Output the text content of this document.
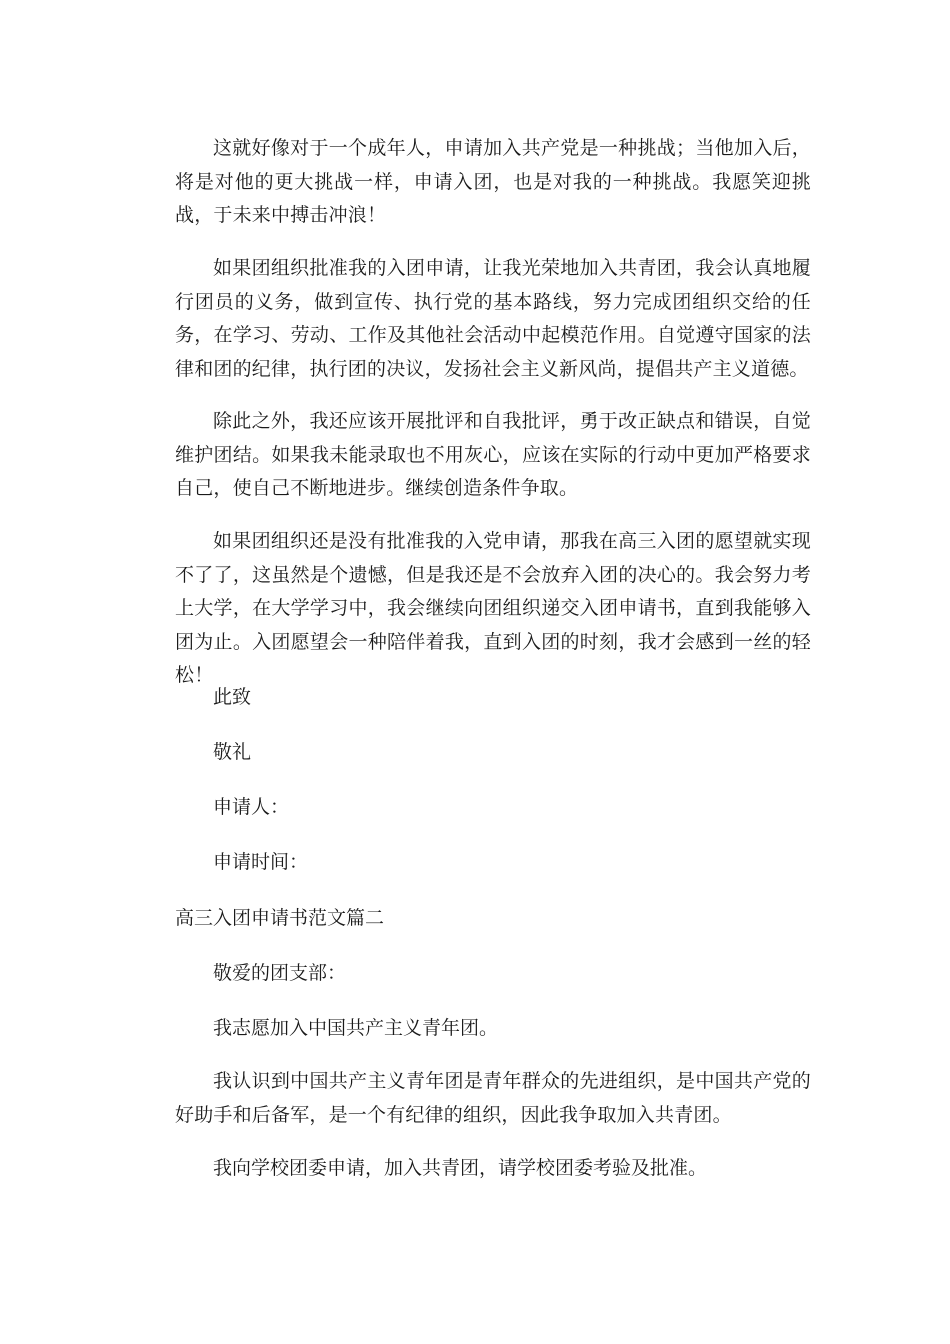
这就好像对于一个成年人，申请加入共产党是一种挑战；当他加入后，将是对他的更大挑战一样，申请入团，也是对我的一种挑战。我愿笑迎挑战，于未来中搏击冲浪！

如果团组织批准我的入团申请，让我光荣地加入共青团，我会认真地履行团员的义务，做到宣传、执行党的基本路线，努力完成团组织交给的任务，在学习、劳动、工作及其他社会活动中起模范作用。自觉遵守国家的法律和团的纪律，执行团的决议，发扬社会主义新风尚，提倡共产主义道德。

除此之外，我还应该开展批评和自我批评，勇于改正缺点和错误，自觉维护团结。如果我未能录取也不用灰心，应该在实际的行动中更加严格要求自己，使自己不断地进步。继续创造条件争取。

如果团组织还是没有批准我的入党申请，那我在高三入团的愿望就实现不了了，这虽然是个遗憾，但是我还是不会放弃入团的决心的。我会努力考上大学，在大学学习中，我会继续向团组织递交入团申请书，直到我能够入团为止。入团愿望会一种陪伴着我，直到入团的时刻，我才会感到一丝的轻松！

此致

敬礼

申请人：

申请时间：

高三入团申请书范文篇二

敬爱的团支部：

我志愿加入中国共产主义青年团。

我认识到中国共产主义青年团是青年群众的先进组织，是中国共产党的好助手和后备军，是一个有纪律的组织，因此我争取加入共青团。

我向学校团委申请，加入共青团，请学校团委考验及批准。
